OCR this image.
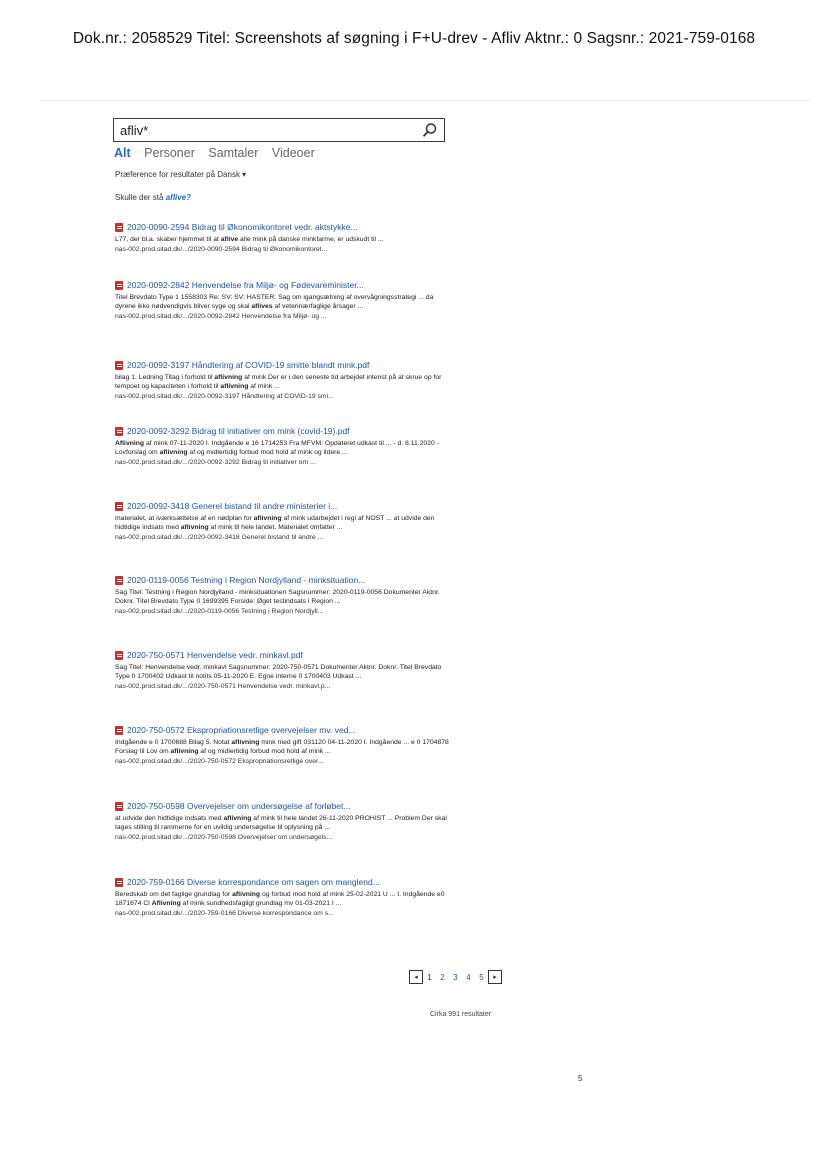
Dok.nr.: 2058529 Titel: Screenshots af søgning i F+U-drev - Afliv Aktnr.: 0 Sagsnr.: 2021-759-0168
afliv*
Alt Personer Samtaler Videoer
Præference for resultater på Dansk ▾
Skulle der stå aflive?
2020-0090-2594 Bidrag til Økonomikontoret vedr. aktstykke...
L77, der bl.a. skaber hjemmel til at aflive alle mink på danske minkfarme, er udskudt til ...
nas-002.prod.sitad.dk/.../2020-0090-2594 Bidrag til Økonomikontoret...
2020-0092-2842 Henvendelse fra Miljø- og Fødevareminister...
Titel Brevdato Type 1 1558303 Re: SV: SV: HASTER: Sag om igangsætning af overvågningsstrategi ... da dyrene ikke nødvendigvis bliver syge og skal aflives af veterinærfaglige årsager ...
nas-002.prod.sitad.dk/.../2020-0092-2842 Henvendelse fra Miljø- og ...
2020-0092-3197 Håndtering af COVID-19 smitte blandt mink.pdf
bilag 1. Ledning Titag i forhold til aflivning af mink Der er i den seneste tid arbejdet intenst på at skrue op for tempoet og kapaciteten i forhold til aflivning af mink ...
nas-002.prod.sitad.dk/.../2020-0092-3197 Håndtering af COVID-19 smi...
2020-0092-3292 Bidrag til initiativer om mink (covid-19).pdf
Aflivning af mink 07-11-2020 I. Indgående e 16 1714253 Fra MFVM: Opdateret udkast til ... - d. 8.11.2020 - Lovforslag om aflivning af og midlertidig forbud mod hold af mink og ildere ...
nas-002.prod.sitad.dk/.../2020-0092-3292 Bidrag til initiativer om ...
2020-0092-3418 Generel bistand til andre ministerier i...
materialet, at iværksættelse af en nødplan for aflivning af mink udarbejdet i regi af NOST ... at udvide den hidtidige indsats med aflivning af mink til hele landet. Materialet omfatter ...
nas-002.prod.sitad.dk/.../2020-0092-3418 Generel bistand til andre ...
2020-0119-0056 Testning i Region Nordjylland - minksituation...
Sag Titel: Testning i Region Nordjylland - minksituationen Sagsnummer: 2020-0119-0056 Dokumenter Aktnr. Doknr. Titel Brevdato Type 0 1699395 Forside: Øget testindsats i Region ...
nas-002.prod.sitad.dk/.../2020-0119-0056 Testning i Region Nordjyll...
2020-750-0571 Henvendelse vedr. minkavl.pdf
Sag Titel: Henvendelse vedr. minkavl Sagsnummer: 2020-750-0571 Dokumenter Aktnr. Doknr. Titel Brevdato Type 0 1700402 Udkast til notits 05-11-2020 E. Egne interne 0 1700403 Udkast ...
nas-002.prod.sitad.dk/.../2020-750-0571 Henvendelse vedr. minkavl.p...
2020-750-0572 Ekspropriationsretlige overvejelser mv. ved...
Indgående e 0 1700688 Bilag 5. Notat aflivning mink med gift 031120 04-11-2020 I. Indgående ... e 0 1704878 Forslag til Lov om aflivning af og midlertidig forbud mod hold af mink ...
nas-002.prod.sitad.dk/.../2020-750-0572 Ekspropriationsretlige over...
2020-750-0598 Overvejelser om undersøgelse af forløbet...
at udvide den hidtidige indsats med aflivning af mink til hele landet 26-11-2020 PROHIST ... Problem Der skal tages stilling til rammerne for en uvildig undersøgelse til oplysning på ...
nas-002.prod.sitad.dk/.../2020-750-0598 Overvejelser om undersøgels...
2020-759-0166 Diverse korrespondance om sagen om manglend...
Beredskab om det faglige grundlag for aflivning og forbud mod hold af mink 25-02-2021 U ... I. Indgående e0 1871674 Cl Aflivning af mink sundhedsfagligt grundlag mv 01-03-2021 I ...
nas-002.prod.sitad.dk/.../2020-759-0166 Diverse korrespondance om s...
◂	1	2	3	4	5	▸
Cirka 991 resultater
5
